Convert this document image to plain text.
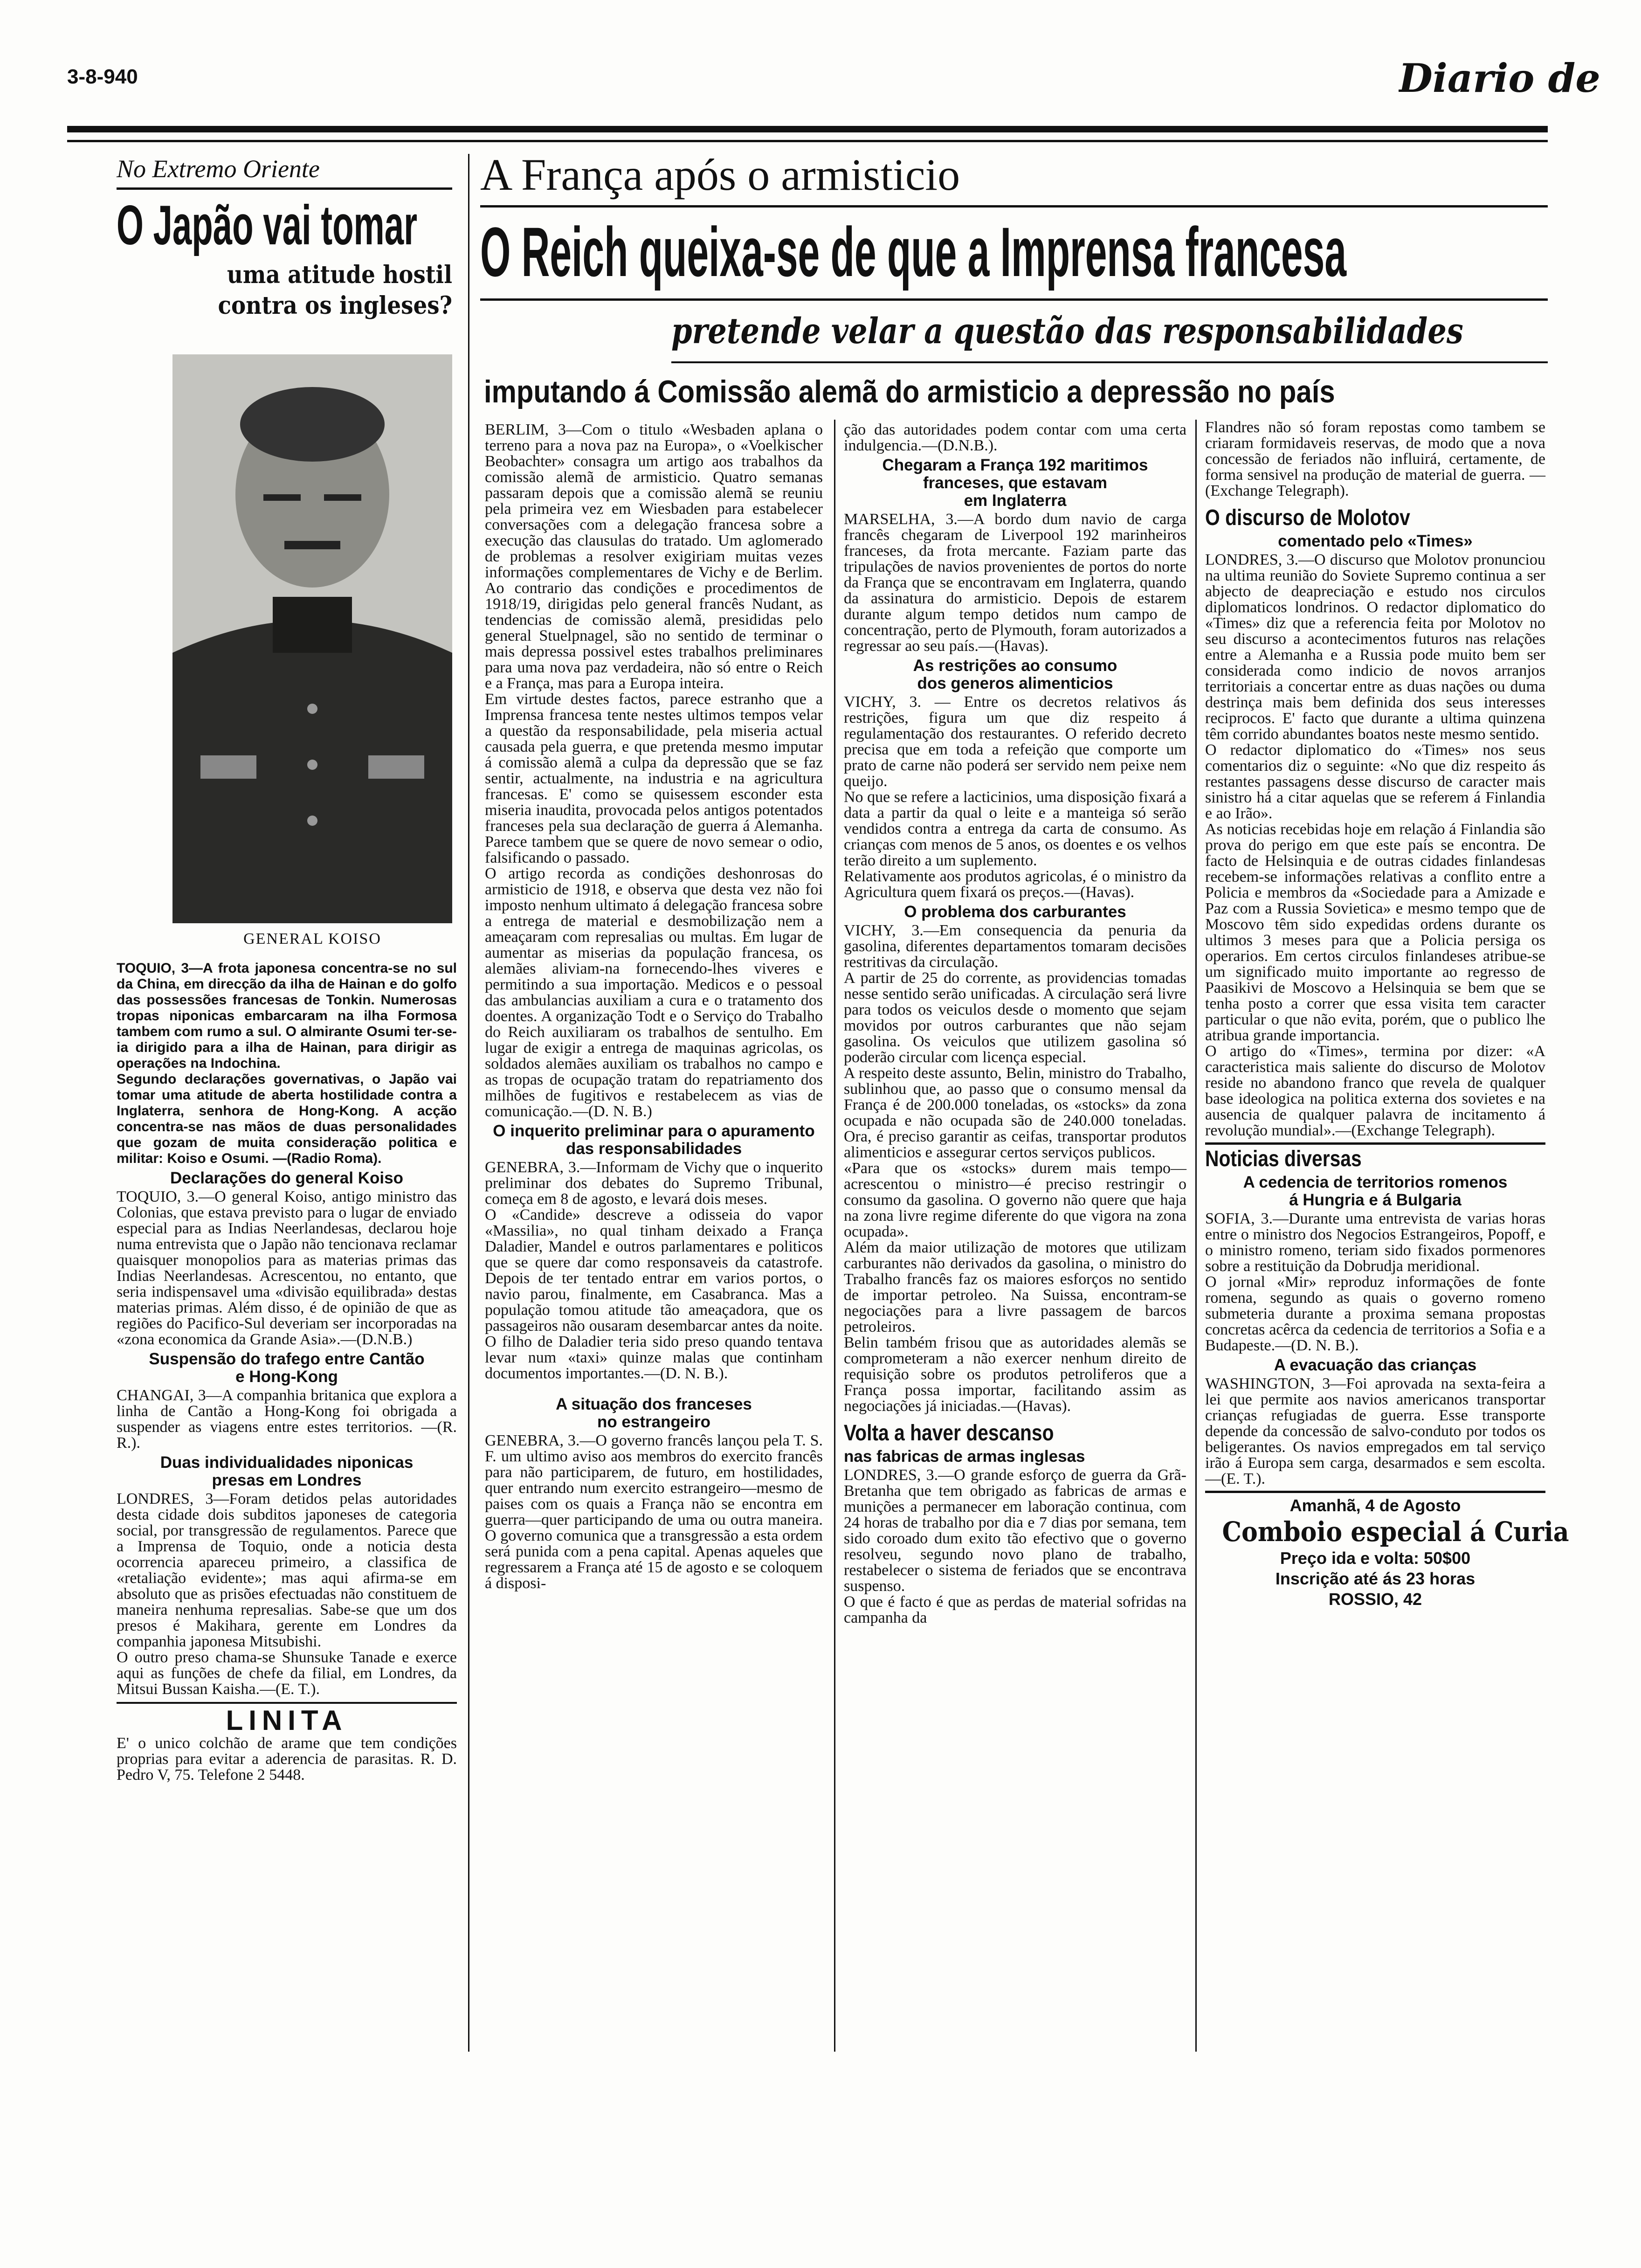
3-8-940	Diario de
No Extremo Oriente
O Japão vai tomar
uma atitude hostil
contra os ingleses?
GENERAL KOISO

TOQUIO, 3—A frota japonesa concentra-se no sul da China, em direcção da ilha de Hainan e do golfo das possessões francesas de Tonkin. Numerosas tropas niponicas embarcaram na ilha Formosa tambem com rumo a sul. O almirante Osumi ter-se-ia dirigido para a ilha de Hainan, para dirigir as operações na Indochina.
Segundo declarações governativas, o Japão vai tomar uma atitude de aberta hostilidade contra a Inglaterra, senhora de Hong-Kong. A acção concentra-se nas mãos de duas personalidades que gozam de muita consideração politica e militar: Koiso e Osumi. —(Radio Roma).

Declarações do general Koiso

TOQUIO, 3.—O general Koiso, antigo ministro das Colonias, que estava previsto para o lugar de enviado especial para as Indias Neerlandesas, declarou hoje numa entrevista que o Japão não tencionava reclamar quaisquer monopolios para as materias primas das Indias Neerlandesas. Acrescentou, no entanto, que seria indispensavel uma «divisão equilibrada» destas materias primas. Além disso, é de opinião de que as regiões do Pacifico-Sul deveriam ser incorporadas na «zona economica da Grande Asia».—(D.N.B.)

Suspensão do trafego entre Cantão
e Hong-Kong

CHANGAI, 3—A companhia britanica que explora a linha de Cantão a Hong-Kong foi obrigada a suspender as viagens entre estes territorios. —(R. R.).

Duas individualidades niponicas
presas em Londres

LONDRES, 3—Foram detidos pelas autoridades desta cidade dois subditos japoneses de categoria social, por transgressão de regulamentos. Parece que a Imprensa de Toquio, onde a noticia desta ocorrencia apareceu primeiro, a classifica de «retaliação evidente»; mas aqui afirma-se em absoluto que as prisões efectuadas não constituem de maneira nenhuma represalias. Sabe-se que um dos presos é Makihara, gerente em Londres da companhia japonesa Mitsubishi.
O outro preso chama-se Shunsuke Tanade e exerce aqui as funções de chefe da filial, em Londres, da Mitsui Bussan Kaisha.—(E. T.).

LINITA

E' o unico colchão de arame que tem condições proprias para evitar a aderencia de parasitas. R. D. Pedro V, 75. Telefone 2 5448.

A França após o armisticio
O Reich queixa-se de que a Imprensa francesa
pretende velar a questão das responsabilidades
imputando á Comissão alemã do armisticio a depressão no país

BERLIM, 3—Com o titulo «Wesbaden aplana o terreno para a nova paz na Europa», o «Voelkischer Beobachter» consagra um artigo aos trabalhos da comissão alemã de armisticio. Quatro semanas passaram depois que a comissão alemã se reuniu pela primeira vez em Wiesbaden para estabelecer conversações com a delegação francesa sobre a execução das clausulas do tratado. Um aglomerado de problemas a resolver exigiriam muitas vezes informações complementares de Vichy e de Berlim. Ao contrario das condições e procedimentos de 1918/19, dirigidas pelo general francês Nudant, as tendencias de comissão alemã, presididas pelo general Stuelpnagel, são no sentido de terminar o mais depressa possivel estes trabalhos preliminares para uma nova paz verdadeira, não só entre o Reich e a França, mas para a Europa inteira.
Em virtude destes factos, parece estranho que a Imprensa francesa tente nestes ultimos tempos velar a questão da responsabilidade, pela miseria actual causada pela guerra, e que pretenda mesmo imputar á comissão alemã a culpa da depressão que se faz sentir, actualmente, na industria e na agricultura francesas. E' como se quisessem esconder esta miseria inaudita, provocada pelos antigos potentados franceses pela sua declaração de guerra á Alemanha. Parece tambem que se quere de novo semear o odio, falsificando o passado.
O artigo recorda as condições deshonrosas do armisticio de 1918, e observa que desta vez não foi imposto nenhum ultimato á delegação francesa sobre a entrega de material e desmobilização nem a ameaçaram com represalias ou multas. Em lugar de aumentar as miserias da população francesa, os alemães aliviam-na fornecendo-lhes viveres e permitindo a sua importação. Medicos e o pessoal das ambulancias auxiliam a cura e o tratamento dos doentes. A organização Todt e o Serviço do Trabalho do Reich auxiliaram os trabalhos de sentulho. Em lugar de exigir a entrega de maquinas agricolas, os soldados alemães auxiliam os trabalhos no campo e as tropas de ocupação tratam do repatriamento dos milhões de fugitivos e restabelecem as vias de comunicação.—(D. N. B.)

O inquerito preliminar para o apuramento das responsabilidades

GENEBRA, 3.—Informam de Vichy que o inquerito preliminar dos debates do Supremo Tribunal, começa em 8 de agosto, e levará dois meses.
O «Candide» descreve a odisseia do vapor «Massilia», no qual tinham deixado a França Daladier, Mandel e outros parlamentares e politicos que se quere dar como responsaveis da catastrofe. Depois de ter tentado entrar em varios portos, o navio parou, finalmente, em Casabranca. Mas a população tomou atitude tão ameaçadora, que os passageiros não ousaram desembarcar antes da noite. O filho de Daladier teria sido preso quando tentava levar num «taxi» quinze malas que continham documentos importantes.—(D. N. B.).

A situação dos franceses
no estrangeiro

GENEBRA, 3.—O governo francês lançou pela T. S. F. um ultimo aviso aos membros do exercito francês para não participarem, de futuro, em hostilidades, quer entrando num exercito estrangeiro—mesmo de paises com os quais a França não se encontra em guerra—quer participando de uma ou outra maneira. O governo comunica que a transgressão a esta ordem será punida com a pena capital. Apenas aqueles que regressarem a França até 15 de agosto e se coloquem á disposi-

ção das autoridades podem contar com uma certa indulgencia.—(D.N.B.).

Chegaram a França 192 maritimos
franceses, que estavam
em Inglaterra

MARSELHA, 3.—A bordo dum navio de carga francês chegaram de Liverpool 192 marinheiros franceses, da frota mercante. Faziam parte das tripulações de navios provenientes de portos do norte da França que se encontravam em Inglaterra, quando da assinatura do armisticio. Depois de estarem durante algum tempo detidos num campo de concentração, perto de Plymouth, foram autorizados a regressar ao seu país.—(Havas).

As restrições ao consumo
dos generos alimenticios

VICHY, 3. — Entre os decretos relativos ás restrições, figura um que diz respeito á regulamentação dos restaurantes. O referido decreto precisa que em toda a refeição que comporte um prato de carne não poderá ser servido nem peixe nem queijo.
No que se refere a lacticinios, uma disposição fixará a data a partir da qual o leite e a manteiga só serão vendidos contra a entrega da carta de consumo. As crianças com menos de 5 anos, os doentes e os velhos terão direito a um suplemento.
Relativamente aos produtos agricolas, é o ministro da Agricultura quem fixará os preços.—(Havas).

O problema dos carburantes

VICHY, 3.—Em consequencia da penuria da gasolina, diferentes departamentos tomaram decisões restritivas da circulação.
A partir de 25 do corrente, as providencias tomadas nesse sentido serão unificadas. A circulação será livre para todos os veiculos desde o momento que sejam movidos por outros carburantes que não sejam gasolina. Os veiculos que utilizem gasolina só poderão circular com licença especial.
A respeito deste assunto, Belin, ministro do Trabalho, sublinhou que, ao passo que o consumo mensal da França é de 200.000 toneladas, os «stocks» da zona ocupada e não ocupada são de 240.000 toneladas. Ora, é preciso garantir as ceifas, transportar produtos alimenticios e assegurar certos serviços publicos.
«Para que os «stocks» durem mais tempo—acrescentou o ministro—é preciso restringir o consumo da gasolina. O governo não quere que haja na zona livre regime diferente do que vigora na zona ocupada».
Além da maior utilização de motores que utilizam carburantes não derivados da gasolina, o ministro do Trabalho francês faz os maiores esforços no sentido de importar petroleo. Na Suissa, encontram-se negociações para a livre passagem de barcos petroleiros.
Belin também frisou que as autoridades alemãs se comprometeram a não exercer nenhum direito de requisição sobre os produtos petroliferos que a França possa importar, facilitando assim as negociações já iniciadas.—(Havas).

Volta a haver descanso
nas fabricas de armas inglesas

LONDRES, 3.—O grande esforço de guerra da Grã-Bretanha que tem obrigado as fabricas de armas e munições a permanecer em laboração continua, com 24 horas de trabalho por dia e 7 dias por semana, tem sido coroado dum exito tão efectivo que o governo resolveu, segundo novo plano de trabalho, restabelecer o sistema de feriados que se encontrava suspenso.
O que é facto é que as perdas de material sofridas na campanha da

Flandres não só foram repostas como tambem se criaram formidaveis reservas, de modo que a nova concessão de feriados não influirá, certamente, de forma sensivel na produção de material de guerra. — (Exchange Telegraph).

O discurso de Molotov
comentado pelo «Times»

LONDRES, 3.—O discurso que Molotov pronunciou na ultima reunião do Soviete Supremo continua a ser abjecto de deapreciação e estudo nos circulos diplomaticos londrinos. O redactor diplomatico do «Times» diz que a referencia feita por Molotov no seu discurso a acontecimentos futuros nas relações entre a Alemanha e a Russia pode muito bem ser considerada como indicio de novos arranjos territoriais a concertar entre as duas nações ou duma destrinça mais bem definida dos seus interesses reciprocos. E' facto que durante a ultima quinzena têm corrido abundantes boatos neste mesmo sentido.
O redactor diplomatico do «Times» nos seus comentarios diz o seguinte: «No que diz respeito ás restantes passagens desse discurso de caracter mais sinistro há a citar aquelas que se referem á Finlandia e ao Irão».
As noticias recebidas hoje em relação á Finlandia são prova do perigo em que este país se encontra. De facto de Helsinquia e de outras cidades finlandesas recebem-se informações relativas a conflito entre a Policia e membros da «Sociedade para a Amizade e Paz com a Russia Sovietica» e mesmo tempo que de Moscovo têm sido expedidas ordens durante os ultimos 3 meses para que a Policia persiga os operarios. Em certos circulos finlandeses atribue-se um significado muito importante ao regresso de Paasikivi de Moscovo a Helsinquia se bem que se tenha posto a correr que essa visita tem caracter particular o que não evita, porém, que o publico lhe atribua grande importancia.
O artigo do «Times», termina por dizer: «A caracteristica mais saliente do discurso de Molotov reside no abandono franco que revela de qualquer base ideologica na politica externa dos sovietes e na ausencia de qualquer palavra de incitamento á revolução mundial».—(Exchange Telegraph).

Noticias diversas
A cedencia de territorios romenos
á Hungria e á Bulgaria

SOFIA, 3.—Durante uma entrevista de varias horas entre o ministro dos Negocios Estrangeiros, Popoff, e o ministro romeno, teriam sido fixados pormenores sobre a restituição da Dobrudja meridional.
O jornal «Mir» reproduz informações de fonte romena, segundo as quais o governo romeno submeteria durante a proxima semana propostas concretas acêrca da cedencia de territorios a Sofia e a Budapeste.—(D. N. B.).

A evacuação das crianças

WASHINGTON, 3—Foi aprovada na sexta-feira a lei que permite aos navios americanos transportar crianças refugiadas de guerra. Esse transporte depende da concessão de salvo-conduto por todos os beligerantes. Os navios empregados em tal serviço irão á Europa sem carga, desarmados e sem escolta.—(E. T.).

Amanhã, 4 de Agosto
Comboio especial á Curia
Preço ida e volta: 50$00
Inscrição até ás 23 horas
ROSSIO, 42
